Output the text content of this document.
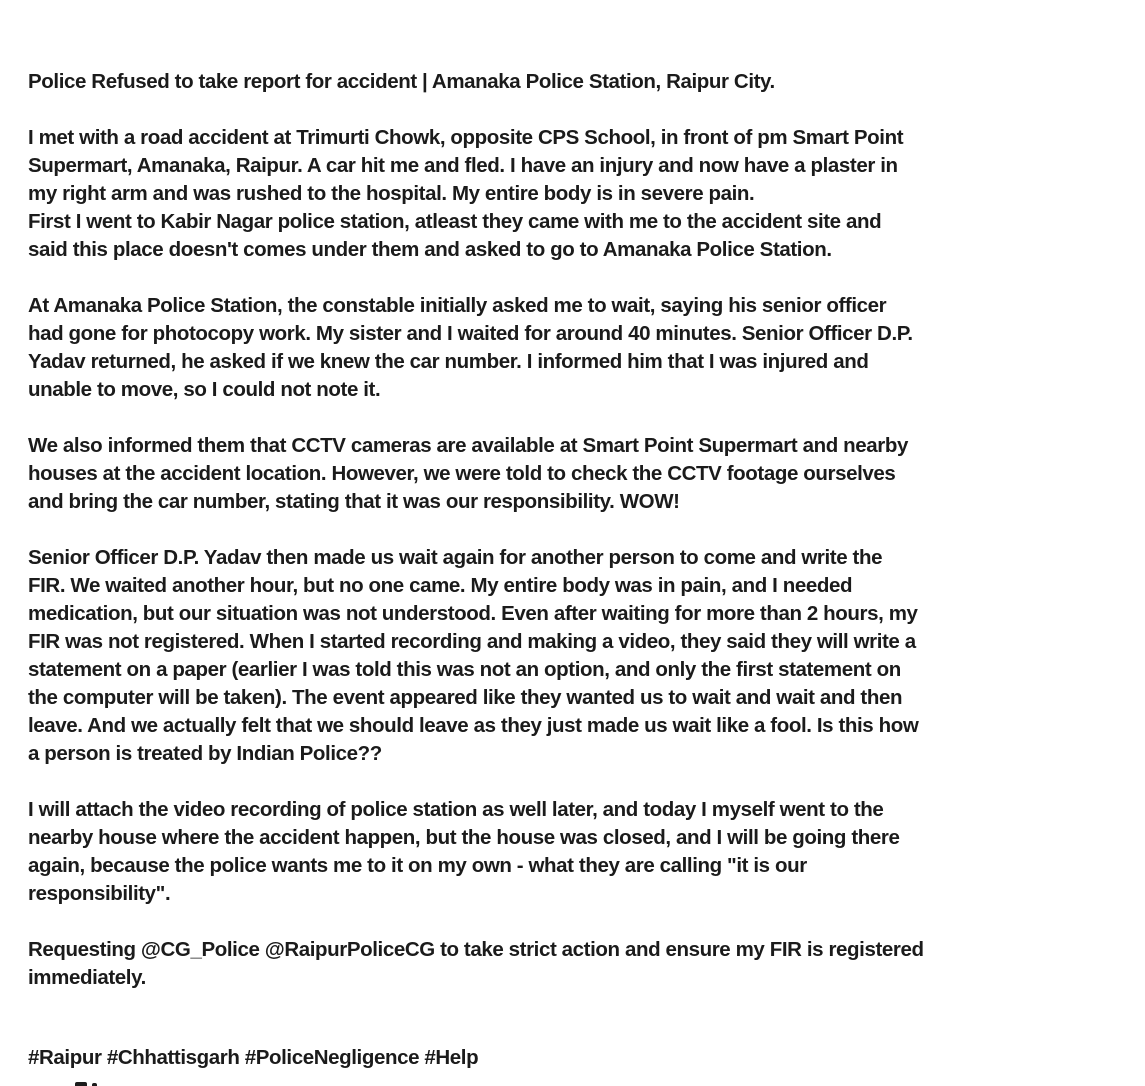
Police Refused to take report for accident | Amanaka Police Station, Raipur City.
I met with a road accident at Trimurti Chowk, opposite CPS School, in front of pm Smart Point
Supermart, Amanaka, Raipur. A car hit me and fled. I have an injury and now have a plaster in
my right arm and was rushed to the hospital. My entire body is in severe pain.
First I went to Kabir Nagar police station, atleast they came with me to the accident site and
said this place doesn't comes under them and asked to go to Amanaka Police Station.
At Amanaka Police Station, the constable initially asked me to wait, saying his senior officer
had gone for photocopy work. My sister and I waited for around 40 minutes. Senior Officer D.P.
Yadav returned, he asked if we knew the car number. I informed him that I was injured and
unable to move, so I could not note it.
We also informed them that CCTV cameras are available at Smart Point Supermart and nearby
houses at the accident location. However, we were told to check the CCTV footage ourselves
and bring the car number, stating that it was our responsibility. WOW!
Senior Officer D.P. Yadav then made us wait again for another person to come and write the
FIR. We waited another hour, but no one came. My entire body was in pain, and I needed
medication, but our situation was not understood. Even after waiting for more than 2 hours, my
FIR was not registered. When I started recording and making a video, they said they will write a
statement on a paper (earlier I was told this was not an option, and only the first statement on
the computer will be taken). The event appeared like they wanted us to wait and wait and then
leave. And we actually felt that we should leave as they just made us wait like a fool. Is this how
a person is treated by Indian Police??
I will attach the video recording of police station as well later, and today I myself went to the
nearby house where the accident happen, but the house was closed, and I will be going there
again, because the police wants me to it on my own - what they are calling "it is our
responsibility".
Requesting @CG_Police @RaipurPoliceCG to take strict action and ensure my FIR is registered
immediately.
#Raipur #Chhattisgarh #PoliceNegligence #Help
